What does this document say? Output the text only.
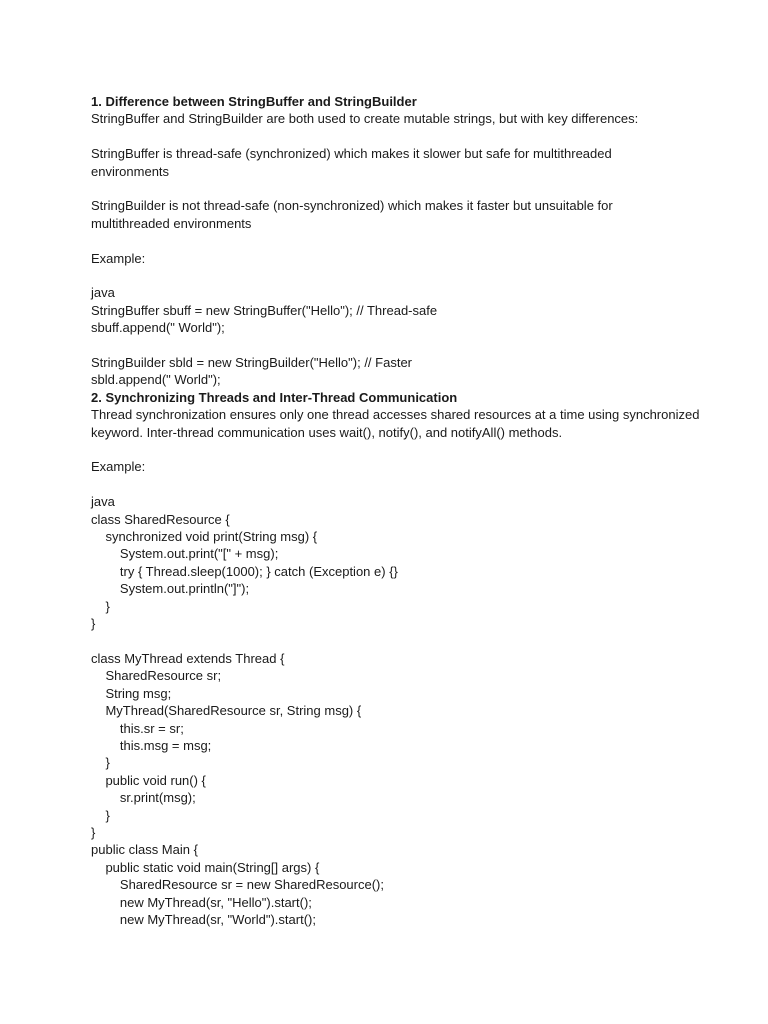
1. Difference between StringBuffer and StringBuilder
StringBuffer and StringBuilder are both used to create mutable strings, but with key differences:
StringBuffer is thread-safe (synchronized) which makes it slower but safe for multithreaded
environments
StringBuilder is not thread-safe (non-synchronized) which makes it faster but unsuitable for
multithreaded environments
Example:
java
StringBuffer sbuff = new StringBuffer("Hello"); // Thread-safe
sbuff.append(" World");
StringBuilder sbld = new StringBuilder("Hello"); // Faster
sbld.append(" World");
2. Synchronizing Threads and Inter-Thread Communication
Thread synchronization ensures only one thread accesses shared resources at a time using synchronized
keyword. Inter-thread communication uses wait(), notify(), and notifyAll() methods.
Example:
java
class SharedResource {
synchronized void print(String msg) {
System.out.print("[" + msg);
try { Thread.sleep(1000); } catch (Exception e) {}
System.out.println("]");
}
}
class MyThread extends Thread {
SharedResource sr;
String msg;
MyThread(SharedResource sr, String msg) {
this.sr = sr;
this.msg = msg;
}
public void run() {
sr.print(msg);
}
}
public class Main {
public static void main(String[] args) {
SharedResource sr = new SharedResource();
new MyThread(sr, "Hello").start();
new MyThread(sr, "World").start();
